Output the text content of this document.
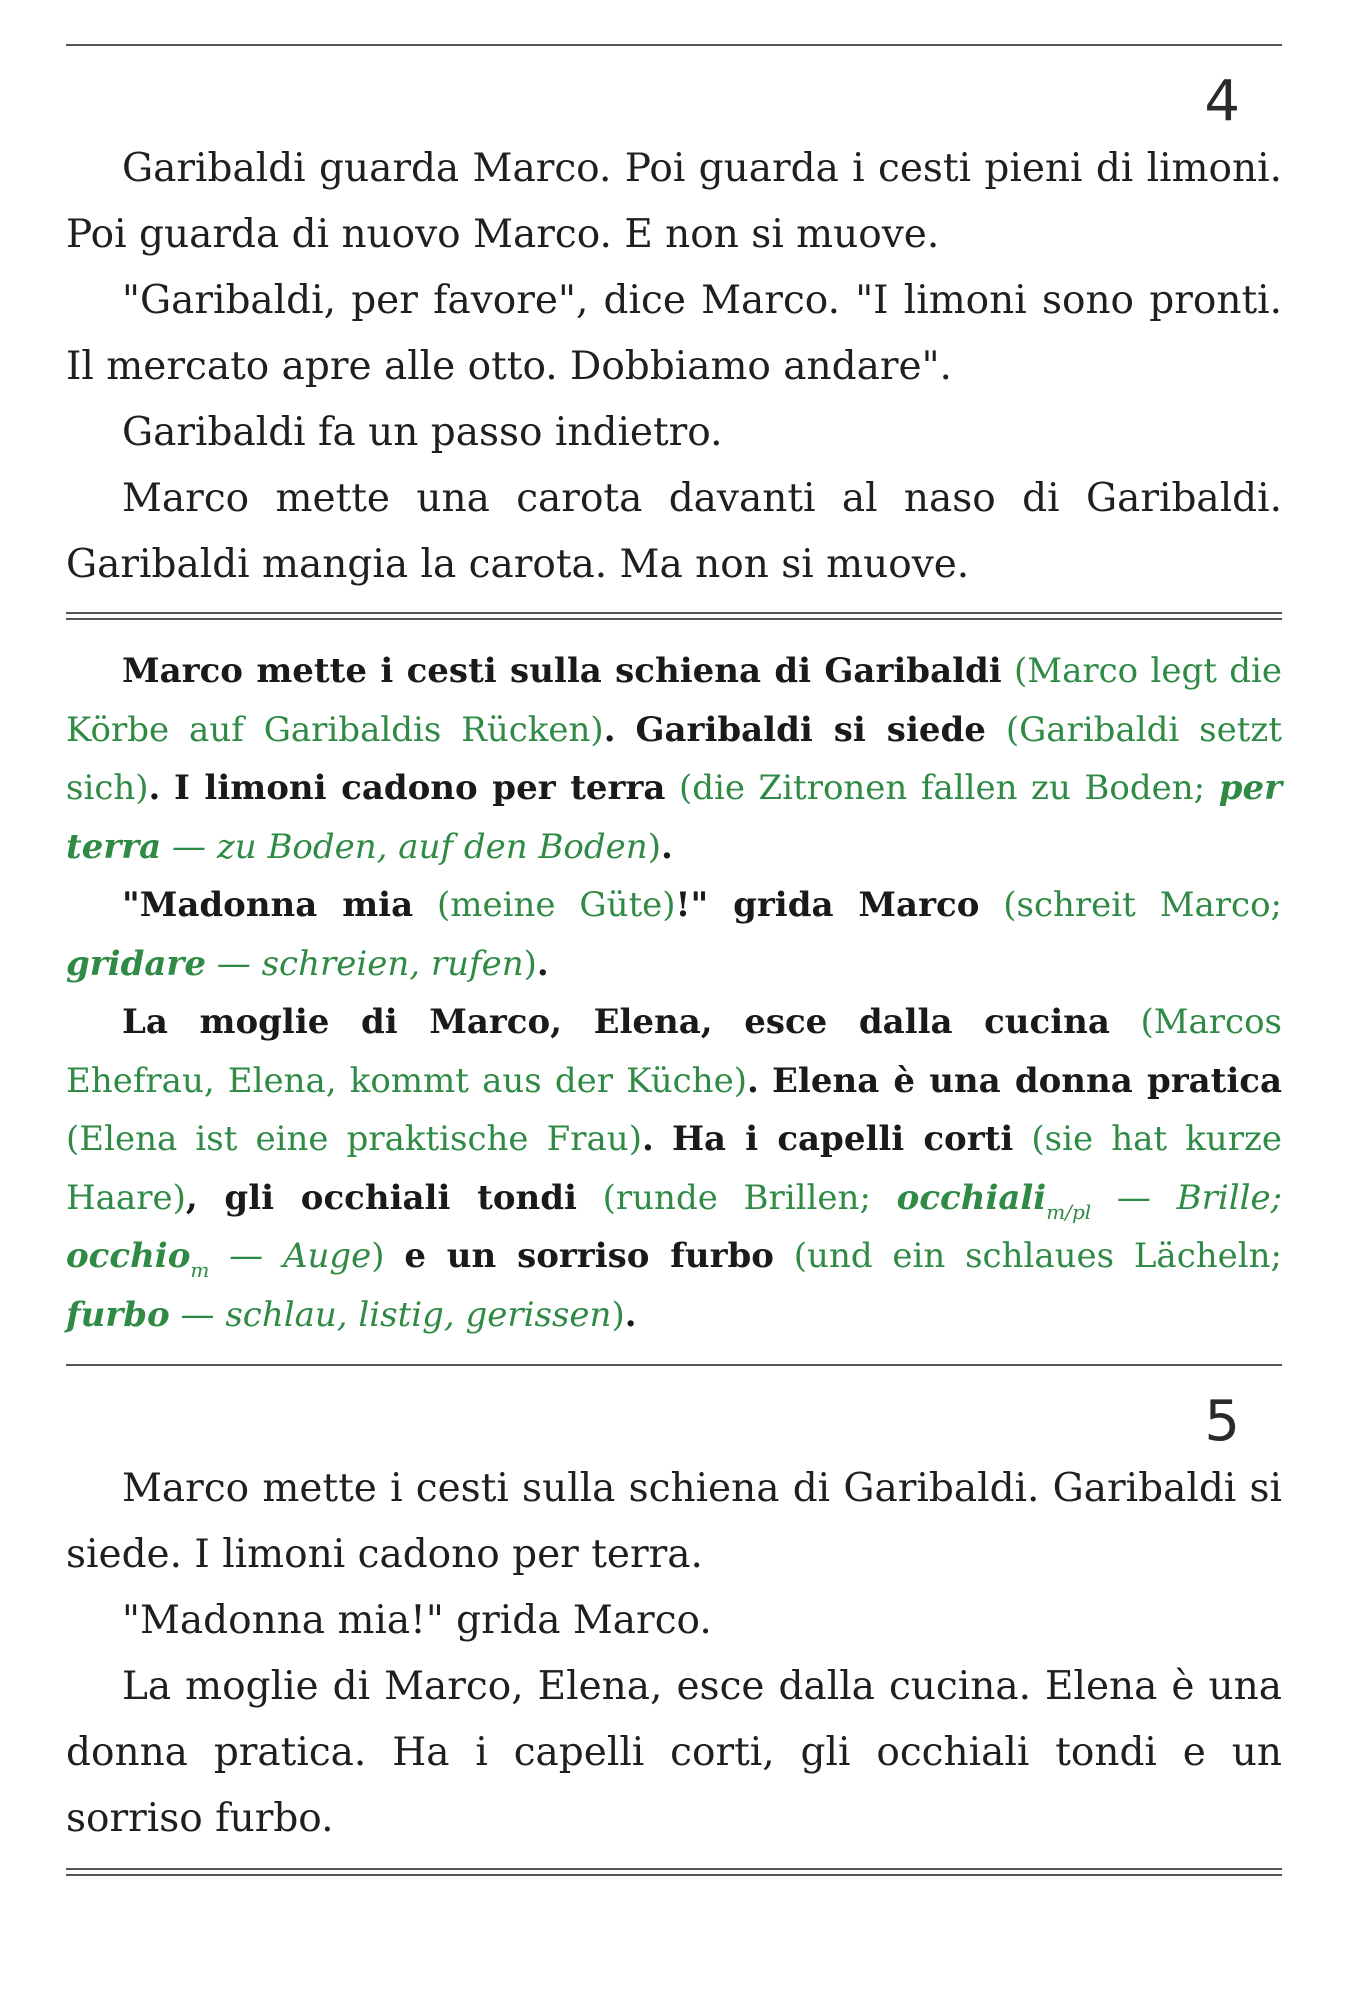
4

Garibaldi guarda Marco. Poi guarda i cesti pieni di limoni. Poi guarda di nuovo Marco. E non si muove.

"Garibaldi, per favore", dice Marco. "I limoni sono pronti. Il mercato apre alle otto. Dobbiamo andare".

Garibaldi fa un passo indietro.

Marco mette una carota davanti al naso di Garibaldi. Garibaldi mangia la carota. Ma non si muove.

Marco mette i cesti sulla schiena di Garibaldi (Marco legt die Körbe auf Garibaldis Rücken). Garibaldi si siede (Garibaldi setzt sich). I limoni cadono per terra (die Zitronen fallen zu Boden; per terra — zu Boden, auf den Boden).

"Madonna mia (meine Güte)!" grida Marco (schreit Marco; gridare — schreien, rufen).

La moglie di Marco, Elena, esce dalla cucina (Marcos Ehefrau, Elena, kommt aus der Küche). Elena è una donna pratica (Elena ist eine praktische Frau). Ha i capelli corti (sie hat kurze Haare), gli occhiali tondi (runde Brillen; occhiali$_{m/pl}$ — Brille; occhio$_m$ — Auge) e un sorriso furbo (und ein schlaues Lächeln; furbo — schlau, listig, gerissen).

5

Marco mette i cesti sulla schiena di Garibaldi. Garibaldi si siede. I limoni cadono per terra.

"Madonna mia!" grida Marco.

La moglie di Marco, Elena, esce dalla cucina. Elena è una donna pratica. Ha i capelli corti, gli occhiali tondi e un sorriso furbo.
